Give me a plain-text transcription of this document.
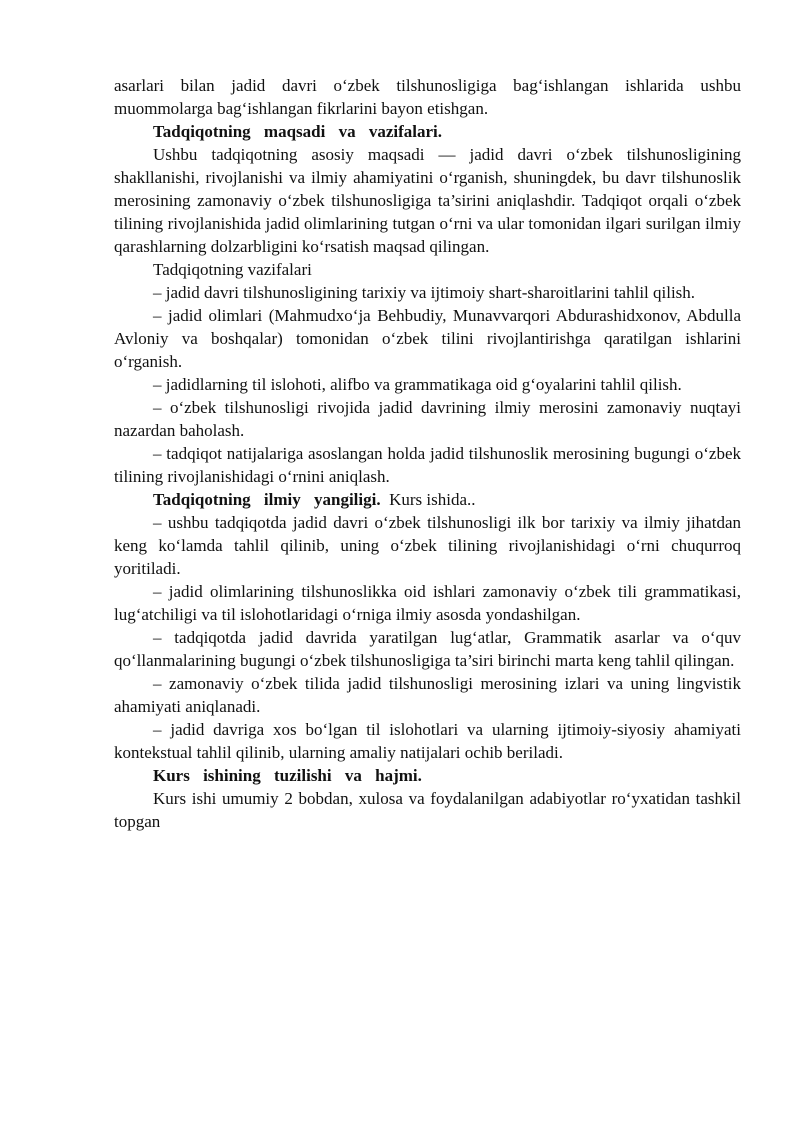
asarlari bilan jadid davri o‘zbek tilshunosligiga bag‘ishlangan ishlarida ushbu muommolarga bag‘ishlangan fikrlarini bayon etishgan.

Tadqiqotning maqsadi va vazifalari.

Ushbu tadqiqotning asosiy maqsadi — jadid davri o‘zbek tilshunosligining shakllanishi, rivojlanishi va ilmiy ahamiyatini o‘rganish, shuningdek, bu davr tilshunoslik merosining zamonaviy o‘zbek tilshunosligiga ta’sirini aniqlashdir. Tadqiqot orqali o‘zbek tilining rivojlanishida jadid olimlarining tutgan o‘rni va ular tomonidan ilgari surilgan ilmiy qarashlarning dolzarbligini ko‘rsatish maqsad qilingan.

Tadqiqotning vazifalari

– jadid davri tilshunosligining tarixiy va ijtimoiy shart-sharoitlarini tahlil qilish.

– jadid olimlari (Mahmudxo‘ja Behbudiy, Munavvarqori Abdurashidxonov, Abdulla Avloniy va boshqalar) tomonidan o‘zbek tilini rivojlantirishga qaratilgan ishlarini o‘rganish.

– jadidlarning til islohoti, alifbo va grammatikaga oid g‘oyalarini tahlil qilish.

– o‘zbek tilshunosligi rivojida jadid davrining ilmiy merosini zamonaviy nuqtayi nazardan baholash.

– tadqiqot natijalariga asoslangan holda jadid tilshunoslik merosining bugungi o‘zbek tilining rivojlanishidagi o‘rnini aniqlash.

Tadqiqotning ilmiy yangiligi. Kurs ishida..

– ushbu tadqiqotda jadid davri o‘zbek tilshunosligi ilk bor tarixiy va ilmiy jihatdan keng ko‘lamda tahlil qilinib, uning o‘zbek tilining rivojlanishidagi o‘rni chuqurroq yoritiladi.

– jadid olimlarining tilshunoslikka oid ishlari zamonaviy o‘zbek tili grammatikasi, lug‘atchiligi va til islohotlaridagi o‘rniga ilmiy asosda yondashilgan.

– tadqiqotda jadid davrida yaratilgan lug‘atlar, Grammatik asarlar va o‘quv qo‘llanmalarining bugungi o‘zbek tilshunosligiga ta’siri birinchi marta keng tahlil qilingan.

– zamonaviy o‘zbek tilida jadid tilshunosligi merosining izlari va uning lingvistik ahamiyati aniqlanadi.

– jadid davriga xos bo‘lgan til islohotlari va ularning ijtimoiy-siyosiy ahamiyati kontekstual tahlil qilinib, ularning amaliy natijalari ochib beriladi.

Kurs ishining tuzilishi va hajmi.

Kurs ishi umumiy 2 bobdan, xulosa va foydalanilgan adabiyotlar ro‘yxatidan tashkil topgan
